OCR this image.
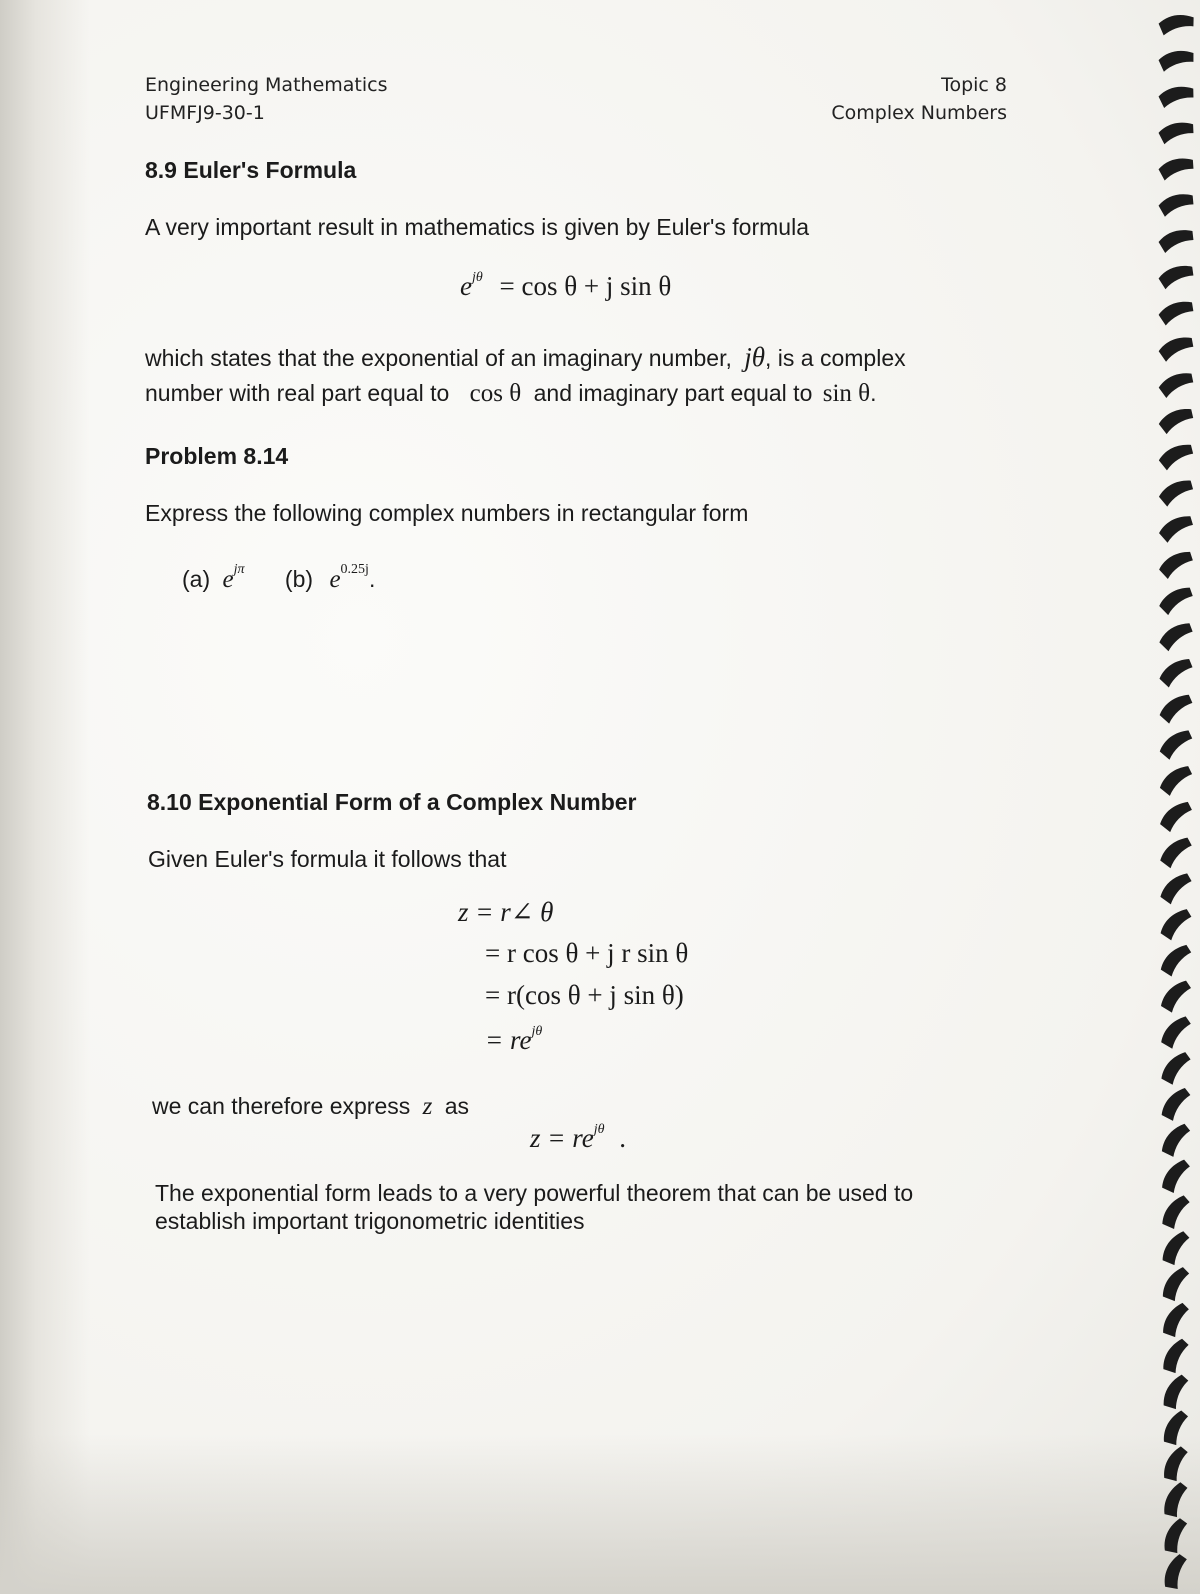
Engineering Mathematics
UFMFJ9-30-1
Topic 8
Complex Numbers
8.9 Euler's Formula
A very important result in mathematics is given by Euler's formula
$e^{j\theta} = \cos \theta + j$ sin θ
which states that the exponential of an imaginary number, jθ, is a complex
number with real part equal to cos θ and imaginary part equal to sin θ.
Problem 8.14
Express the following complex numbers in rectangular form
(a) $e^{j\pi}$ (b) $e^{0.25j}$.
8.10 Exponential Form of a Complex Number
Given Euler's formula it follows that
z = r∠ θ
= r cos θ + j r sin θ
= r(cos θ + j sin θ)
= $re^{j\theta}$
we can therefore express z as
$z = re^{j\theta}$ .
The exponential form leads to a very powerful theorem that can be used to
establish important trigonometric identities
